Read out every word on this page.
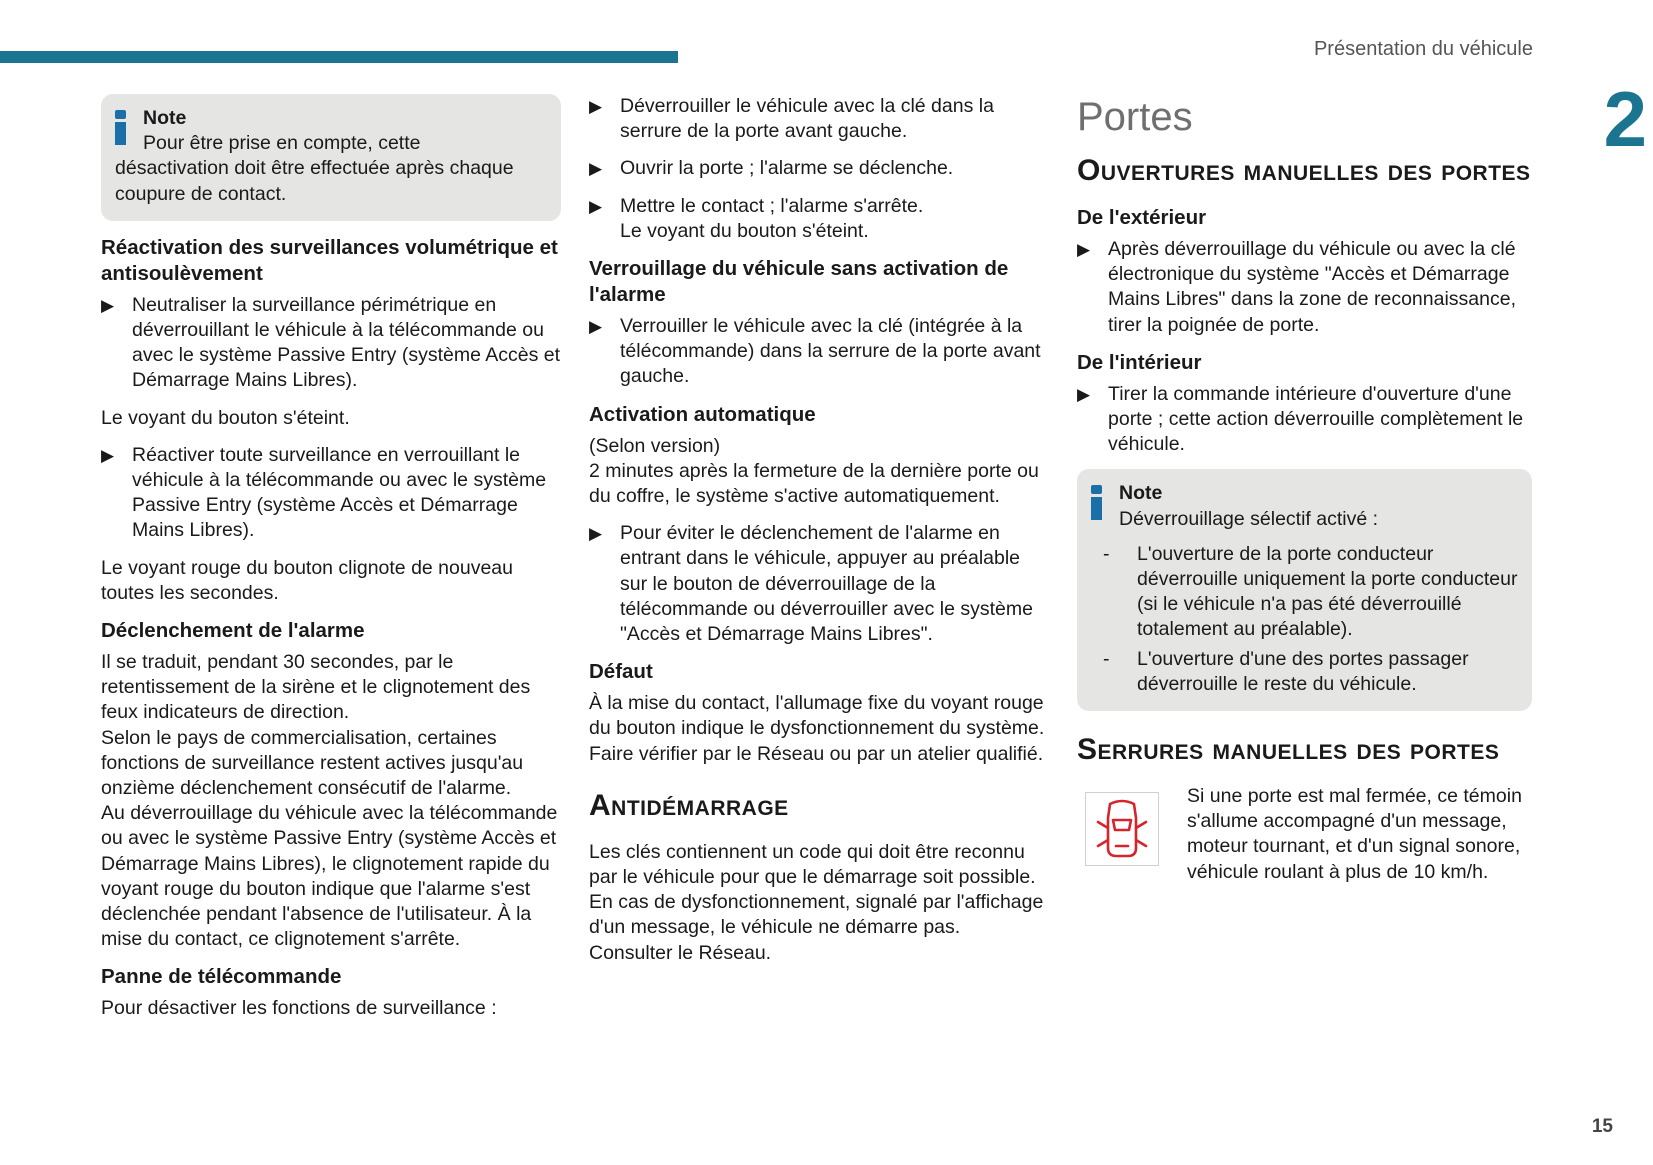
Présentation du véhicule
2
15
Note
Pour être prise en compte, cette
désactivation doit être effectuée après chaque coupure de contact.
Réactivation des surveillances volumétrique et antisoulèvement
▶ Neutraliser la surveillance périmétrique en déverrouillant le véhicule à la télécommande ou avec le système Passive Entry (système Accès et Démarrage Mains Libres).

Le voyant du bouton s'éteint.

▶ Réactiver toute surveillance en verrouillant le véhicule à la télécommande ou avec le système Passive Entry (système Accès et Démarrage Mains Libres).

Le voyant rouge du bouton clignote de nouveau toutes les secondes.

Déclenchement de l'alarme

Il se traduit, pendant 30 secondes, par le retentissement de la sirène et le clignotement des feux indicateurs de direction.

Selon le pays de commercialisation, certaines fonctions de surveillance restent actives jusqu'au onzième déclenchement consécutif de l'alarme.

Au déverrouillage du véhicule avec la télécommande ou avec le système Passive Entry (système Accès et Démarrage Mains Libres), le clignotement rapide du voyant rouge du bouton indique que l'alarme s'est déclenchée pendant l'absence de l'utilisateur. À la mise du contact, ce clignotement s'arrête.

Panne de télécommande

Pour désactiver les fonctions de surveillance :

▶ Déverrouiller le véhicule avec la clé dans la serrure de la porte avant gauche.
▶ Ouvrir la porte ; l'alarme se déclenche.
▶ Mettre le contact ; l'alarme s'arrête.
Le voyant du bouton s'éteint.
Verrouillage du véhicule sans activation de l'alarme
▶ Verrouiller le véhicule avec la clé (intégrée à la télécommande) dans la serrure de la porte avant gauche.
Activation automatique

(Selon version)

2 minutes après la fermeture de la dernière porte ou du coffre, le système s'active automatiquement.

▶ Pour éviter le déclenchement de l'alarme en entrant dans le véhicule, appuyer au préalable sur le bouton de déverrouillage de la télécommande ou déverrouiller avec le système "Accès et Démarrage Mains Libres".
Défaut

À la mise du contact, l'allumage fixe du voyant rouge du bouton indique le dysfonctionnement du système.

Faire vérifier par le Réseau ou par un atelier qualifié.

Antidémarrage

Les clés contiennent un code qui doit être reconnu par le véhicule pour que le démarrage soit possible.

En cas de dysfonctionnement, signalé par l'affichage d'un message, le véhicule ne démarre pas.

Consulter le Réseau.

Portes
Ouvertures manuelles des portes
De l'extérieur
▶ Après déverrouillage du véhicule ou avec la clé électronique du système "Accès et Démarrage Mains Libres" dans la zone de reconnaissance, tirer la poignée de porte.
De l'intérieur
▶ Tirer la commande intérieure d'ouverture d'une porte ; cette action déverrouille complètement le véhicule.
Note
Déverrouillage sélectif activé :
-	L'ouverture de la porte conducteur déverrouille uniquement la porte conducteur (si le véhicule n'a pas été déverrouillé totalement au préalable).
-	L'ouverture d'une des portes passager déverrouille le reste du véhicule.
Serrures manuelles des portes
Si une porte est mal fermée, ce témoin s'allume accompagné d'un message, moteur tournant, et d'un signal sonore, véhicule roulant à plus de 10 km/h.
